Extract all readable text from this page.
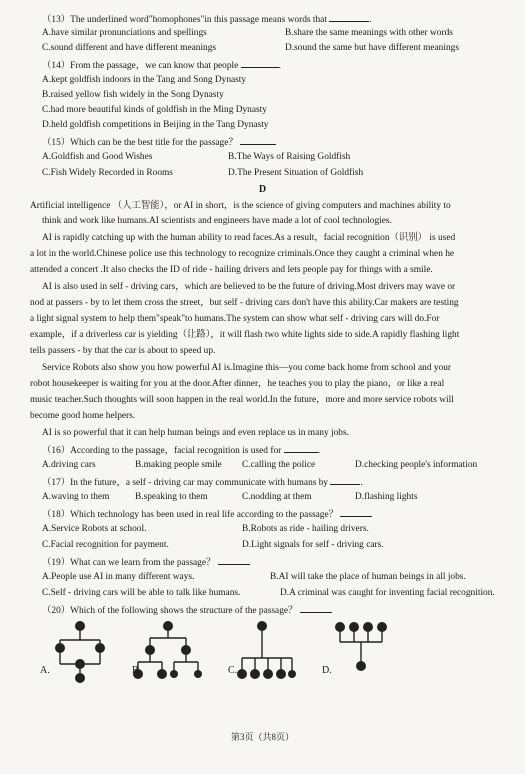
（13）The underlined word"homophones"in this passage means words that	.
A.have similar pronunciations and spellings	B.share the same meanings with other words
C.sound different and have different meanings	D.sound the same but have different meanings
（14）From the passage，we can know that people	.
A.kept goldfish indoors in the Tang and Song Dynasty
B.raised yellow fish widely in the Song Dynasty
C.had more beautiful kinds of goldfish in the Ming Dynasty
D.held goldfish competitions in Beijing in the Tang Dynasty
（15）Which can be the best title for the passage？
A.Goldfish and Good Wishes	B.The Ways of Raising Goldfish
C.Fish Widely Recorded in Rooms	D.The Present Situation of Goldfish
D
Artificial intelligence （人工智能），or AI in short，is the science of giving computers and machines ability to
think and work like humans.AI scientists and engineers have made a lot of cool technologies.
AI is rapidly catching up with the human ability to read faces.As a result，facial recognition（识别） is used
a lot in the world.Chinese police use this technology to recognize criminals.Once they caught a criminal when he
attended a concert .It also checks the ID of ride - hailing drivers and lets people pay for things with a smile.
AI is also used in self - driving cars，which are believed to be the future of driving.Most drivers may wave or
nod at passers - by to let them cross the street，but self - driving cars don't have this ability.Car makers are testing
a light signal system to help them"speak"to humans.The system can show what self - driving cars will do.For
example，if a driverless car is yielding（让路），it will flash two white lights side to side.A rapidly flashing light
tells passers - by that the car is about to speed up.
Service Robots also show you how powerful AI is.Imagine this—you come back home from school and your
robot housekeeper is waiting for you at the door.After dinner，he teaches you to play the piano，or like a real
music teacher.Such thoughts will soon happen in the real world.In the future，more and more service robots will
become good home helpers.
AI is so powerful that it can help human beings and even replace us in many jobs.
（16）According to the passage，facial recognition is used for	.
A.driving cars	B.making people smile C.calling the police	D.checking people's information
（17）In the future，a self - driving car may communicate with humans by	.
A.waving to them	B.speaking to them	C.nodding at them	D.flashing lights
（18）Which technology has been used in real life according to the passage？
A.Service Robots at school.	B.Robots as ride - hailing drivers.
C.Facial recognition for payment.	D.Light signals for self - driving cars.
（19）What can we learn from the passage？
A.People use AI in many different ways.	B.AI will take the place of human beings in all jobs.
C.Self - driving cars will be able to talk like humans.	D.A criminal was caught for inventing facial recognition.
（20）Which of the following shows the structure of the passage？
A.	B.	C.	D.
第3页（共8页）
